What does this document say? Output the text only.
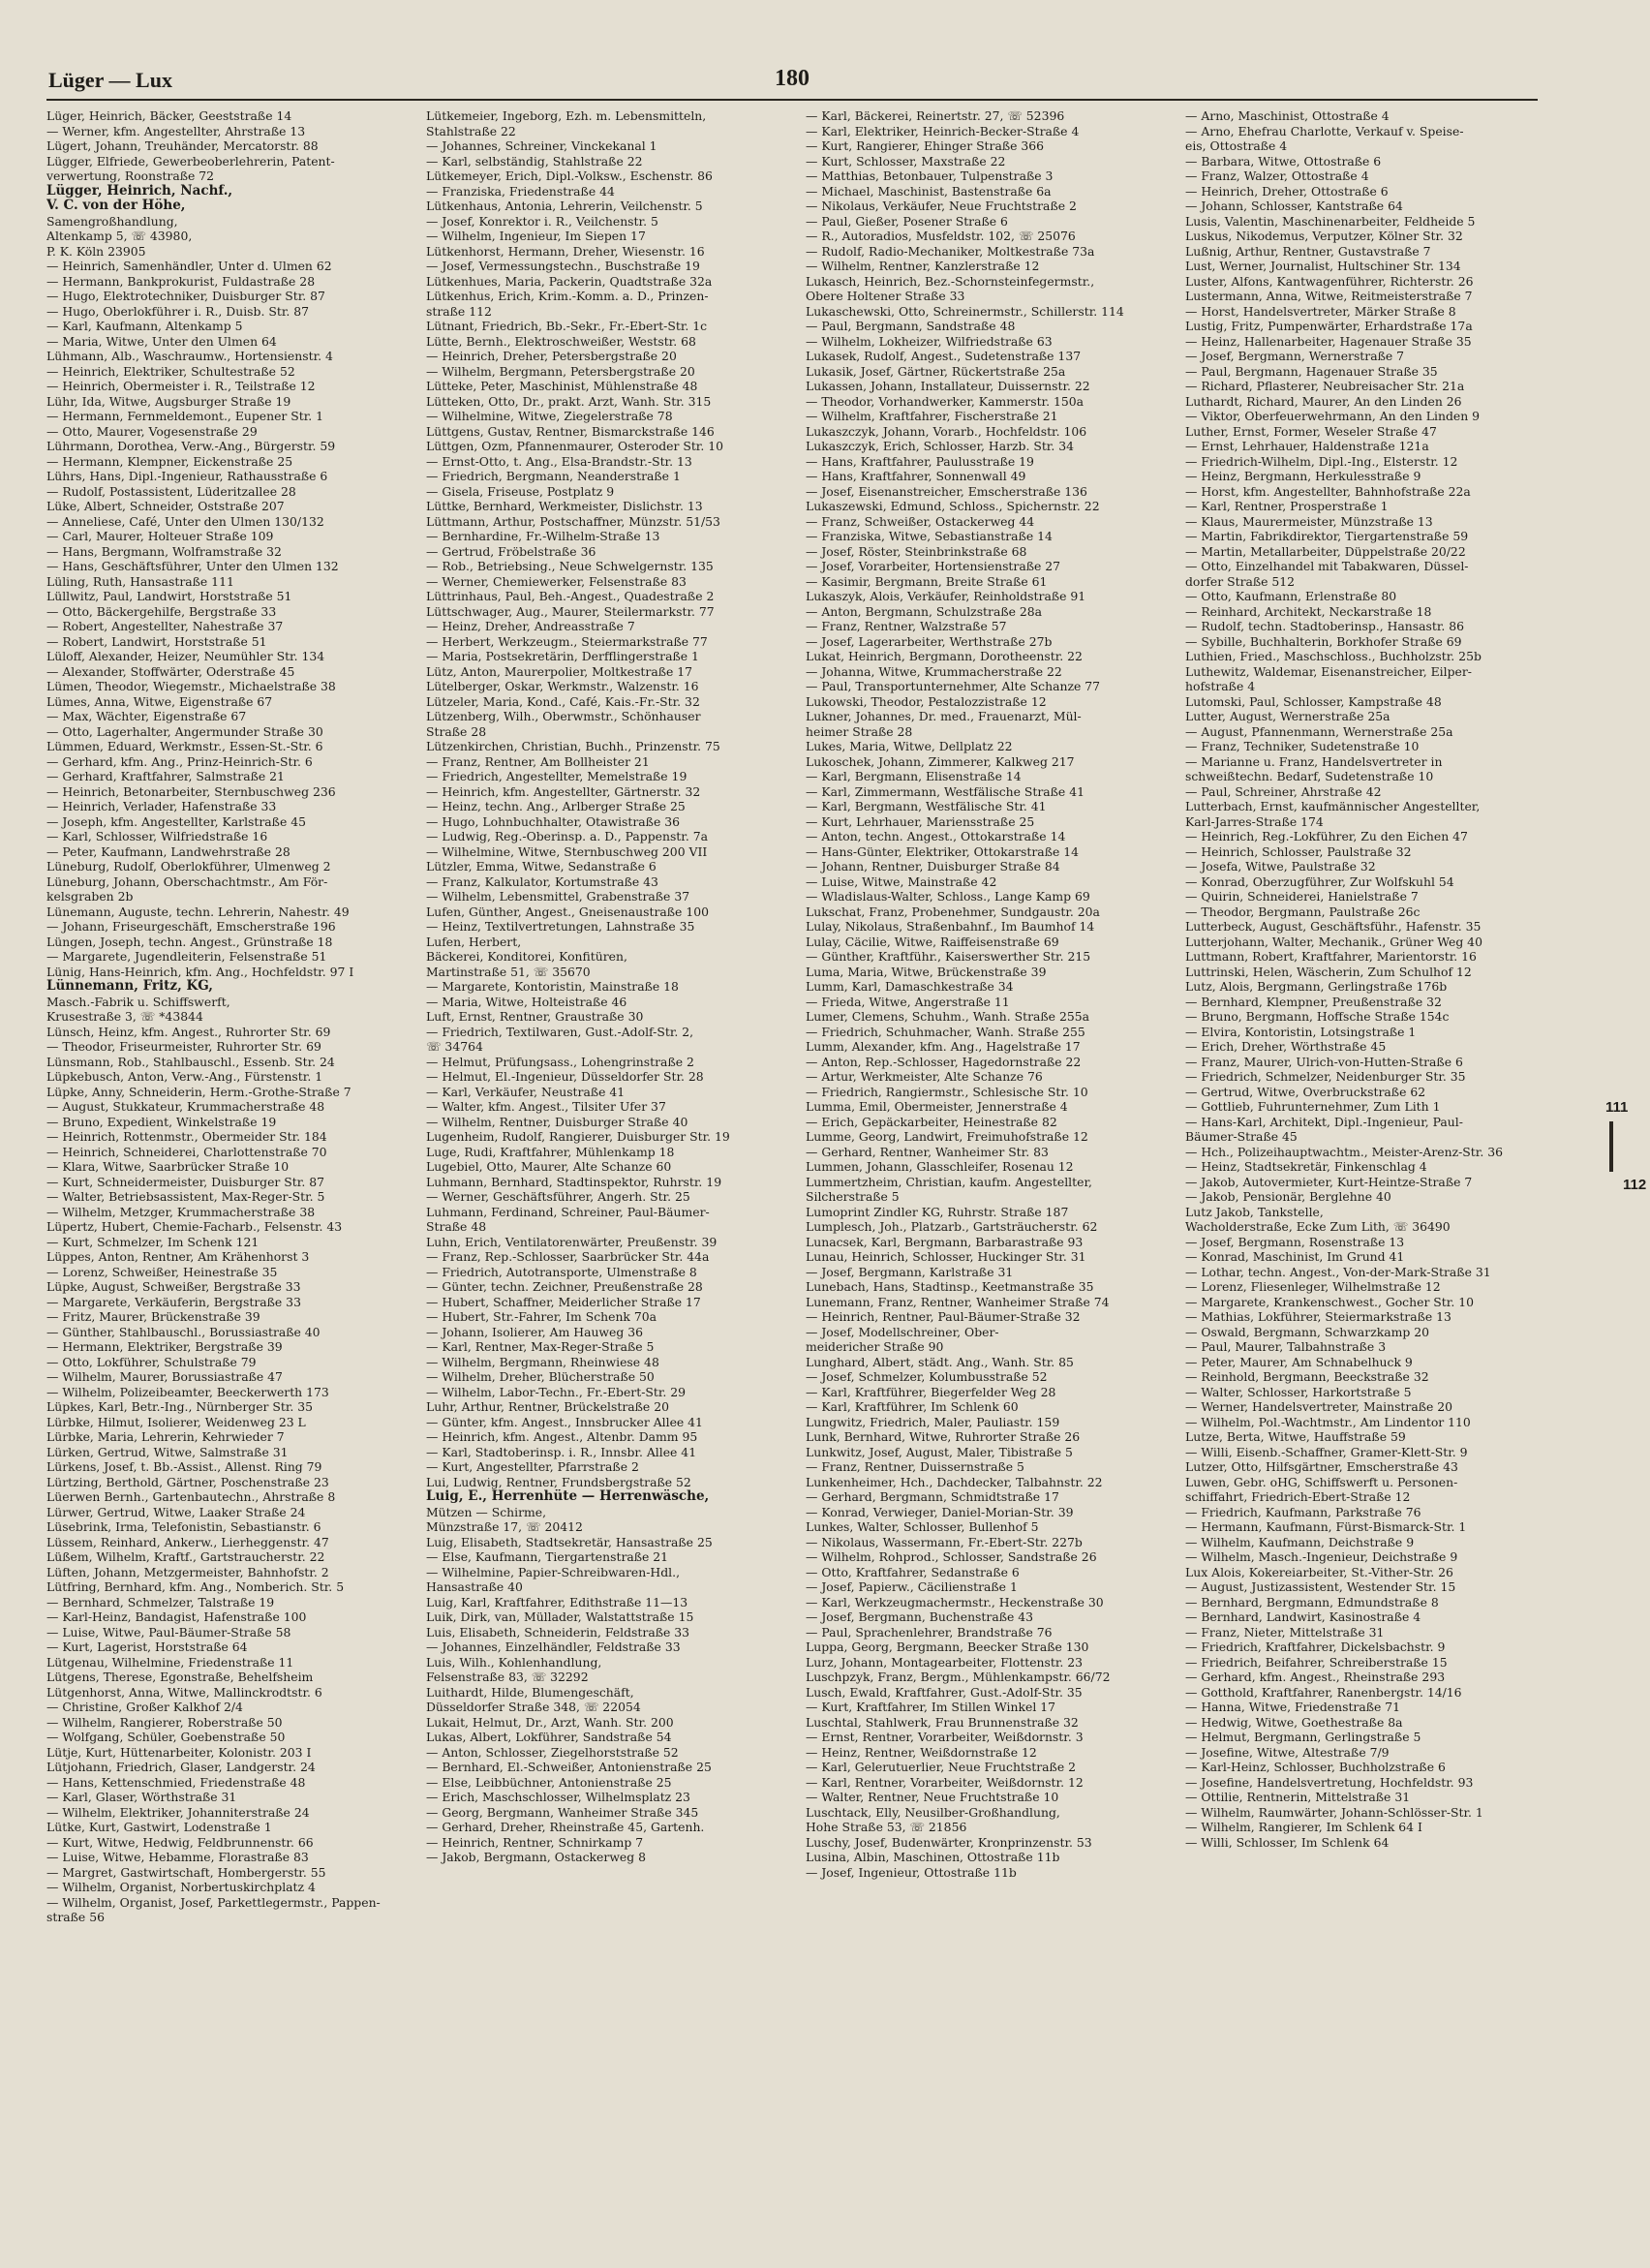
Lüger — Lux	180
Lüger, Heinrich, Bäcker, Geeststraße 14
— Werner, kfm. Angestellter, Ahrstraße 13
Lügert, Johann, Treuhänder, Mercatorstr. 88
Lügger, Elfriede, Gewerbeoberlehrerin, Patent-
verwertung, Roonstraße 72
Lügger, Heinrich, Nachf.,
V. C. von der Höhe,
Samengroßhandlung,
Altenkamp 5, ☏ 43980,
P. K. Köln 23905
— Heinrich, Samenhändler, Unter d. Ulmen 62
— Hermann, Bankprokurist, Fuldastraße 28
— Hugo, Elektrotechniker, Duisburger Str. 87
— Hugo, Oberlokführer i. R., Duisb. Str. 87
— Karl, Kaufmann, Altenkamp 5
— Maria, Witwe, Unter den Ulmen 64
Lühmann, Alb., Waschraumw., Hortensienstr. 4
— Heinrich, Elektriker, Schultestraße 52
— Heinrich, Obermeister i. R., Teilstraße 12
Lühr, Ida, Witwe, Augsburger Straße 19
— Hermann, Fernmeldemont., Eupener Str. 1
— Otto, Maurer, Vogesenstraße 29
Lührmann, Dorothea, Verw.-Ang., Bürgerstr. 59
— Hermann, Klempner, Eickenstraße 25
Lührs, Hans, Dipl.-Ingenieur, Rathausstraße 6
— Rudolf, Postassistent, Lüderitzallee 28
Lüke, Albert, Schneider, Oststraße 207
— Anneliese, Café, Unter den Ulmen 130/132
— Carl, Maurer, Holteuer Straße 109
— Hans, Bergmann, Wolframstraße 32
— Hans, Geschäftsführer, Unter den Ulmen 132
Lüling, Ruth, Hansastraße 111
Lüllwitz, Paul, Landwirt, Horststraße 51
— Otto, Bäckergehilfe, Bergstraße 33
— Robert, Angestellter, Nahestraße 37
— Robert, Landwirt, Horststraße 51
Lüloff, Alexander, Heizer, Neumühler Str. 134
— Alexander, Stoffwärter, Oderstraße 45
Lümen, Theodor, Wiegemstr., Michaelstraße 38
Lümes, Anna, Witwe, Eigenstraße 67
— Max, Wächter, Eigenstraße 67
— Otto, Lagerhalter, Angermunder Straße 30
Lümmen, Eduard, Werkmstr., Essen-St.-Str. 6
— Gerhard, kfm. Ang., Prinz-Heinrich-Str. 6
— Gerhard, Kraftfahrer, Salmstraße 21
— Heinrich, Betonarbeiter, Sternbuschweg 236
— Heinrich, Verlader, Hafenstraße 33
— Joseph, kfm. Angestellter, Karlstraße 45
— Karl, Schlosser, Wilfriedstraße 16
— Peter, Kaufmann, Landwehrstraße 28
Lüneburg, Rudolf, Oberlokführer, Ulmenweg 2
Lüneburg, Johann, Oberschachtmstr., Am För-
kelsgraben 2b
Lünemann, Auguste, techn. Lehrerin, Nahestr. 49
— Johann, Friseurgeschäft, Emscherstraße 196
Lüngen, Joseph, techn. Angest., Grünstraße 18
— Margarete, Jugendleiterin, Felsenstraße 51
Lünig, Hans-Heinrich, kfm. Ang., Hochfeldstr. 97 I
Lünnemann, Fritz, KG,
Masch.-Fabrik u. Schiffswerft,
Krusestraße 3, ☏ *43844
Lünsch, Heinz, kfm. Angest., Ruhrorter Str. 69
— Theodor, Friseurmeister, Ruhrorter Str. 69
Lünsmann, Rob., Stahlbauschl., Essenb. Str. 24
Lüpkebusch, Anton, Verw.-Ang., Fürstenstr. 1
Lüpke, Anny, Schneiderin, Herm.-Grothe-Straße 7
— August, Stukkateur, Krummacherstraße 48
— Bruno, Expedient, Winkelstraße 19
— Heinrich, Rottenmstr., Obermeider Str. 184
— Heinrich, Schneiderei, Charlottenstraße 70
— Klara, Witwe, Saarbrücker Straße 10
— Kurt, Schneidermeister, Duisburger Str. 87
— Walter, Betriebsassistent, Max-Reger-Str. 5
— Wilhelm, Metzger, Krummacherstraße 38
Lüpertz, Hubert, Chemie-Facharb., Felsenstr. 43
— Kurt, Schmelzer, Im Schenk 121
Lüppes, Anton, Rentner, Am Krähenhorst 3
— Lorenz, Schweißer, Heinestraße 35
Lüpke, August, Schweißer, Bergstraße 33
— Margarete, Verkäuferin, Bergstraße 33
— Fritz, Maurer, Brückenstraße 39
— Günther, Stahlbauschl., Borussiastraße 40
— Hermann, Elektriker, Bergstraße 39
— Otto, Lokführer, Schulstraße 79
— Wilhelm, Maurer, Borussiastraße 47
— Wilhelm, Polizeibeamter, Beeckerwerth 173
Lüpkes, Karl, Betr.-Ing., Nürnberger Str. 35
Lürbke, Hilmut, Isolierer, Weidenweg 23 L
Lürbke, Maria, Lehrerin, Kehrwieder 7
Lürken, Gertrud, Witwe, Salmstraße 31
Lürkens, Josef, t. Bb.-Assist., Allenst. Ring 79
Lürtzing, Berthold, Gärtner, Poschenstraße 23
Lüerwen Bernh., Gartenbautechn., Ahrstraße 8
Lürwer, Gertrud, Witwe, Laaker Straße 24
Lüsebrink, Irma, Telefonistin, Sebastianstr. 6
Lüssem, Reinhard, Ankerw., Lierheggenstr. 47
Lüßem, Wilhelm, Kraftf., Gartstraucherstr. 22
Lüften, Johann, Metzgermeister, Bahnhofstr. 2
Lütfring, Bernhard, kfm. Ang., Nomberich. Str. 5
— Bernhard, Schmelzer, Talstraße 19
— Karl-Heinz, Bandagist, Hafenstraße 100
— Luise, Witwe, Paul-Bäumer-Straße 58
— Kurt, Lagerist, Horststraße 64
Lütgenau, Wilhelmine, Friedenstraße 11
Lütgens, Therese, Egonstraße, Behelfsheim
Lütgenhorst, Anna, Witwe, Mallinckrodtstr. 6
— Christine, Großer Kalkhof 2/4
— Wilhelm, Rangierer, Roberstraße 50
— Wolfgang, Schüler, Goebenstraße 50
Lütje, Kurt, Hüttenarbeiter, Kolonistr. 203 I
Lütjohann, Friedrich, Glaser, Landgerstr. 24
— Hans, Kettenschmied, Friedenstraße 48
— Karl, Glaser, Wörthstraße 31
— Wilhelm, Elektriker, Johanniterstraße 24
Lütke, Kurt, Gastwirt, Lodenstraße 1
— Kurt, Witwe, Hedwig, Feldbrunnenstr. 66
— Luise, Witwe, Hebamme, Florastraße 83
— Margret, Gastwirtschaft, Hombergerstr. 55
— Wilhelm, Organist, Norbertuskirchplatz 4
— Wilhelm, Organist, Josef, Parkettlegermstr., Pappen-
straße 56
Lütkemeier, Ingeborg, Ezh. m. Lebensmitteln,
Stahlstraße 22
— Johannes, Schreiner, Vinckekanal 1
— Karl, selbständig, Stahlstraße 22
Lütkemeyer, Erich, Dipl.-Volksw., Eschenstr. 86
— Franziska, Friedenstraße 44
Lütkenhaus, Antonia, Lehrerin, Veilchenstr. 5
— Josef, Konrektor i. R., Veilchenstr. 5
— Wilhelm, Ingenieur, Im Siepen 17
Lütkenhorst, Hermann, Dreher, Wiesenstr. 16
— Josef, Vermessungstechn., Buschstraße 19
Lütkenhues, Maria, Packerin, Quadtstraße 32a
Lütkenhus, Erich, Krim.-Komm. a. D., Prinzen-
straße 112
Lütnant, Friedrich, Bb.-Sekr., Fr.-Ebert-Str. 1c
Lütte, Bernh., Elektroschweißer, Weststr. 68
— Heinrich, Dreher, Petersbergstraße 20
— Wilhelm, Bergmann, Petersbergstraße 20
Lütteke, Peter, Maschinist, Mühlenstraße 48
Lütteken, Otto, Dr., prakt. Arzt, Wanh. Str. 315
— Wilhelmine, Witwe, Ziegelerstraße 78
Lüttgens, Gustav, Rentner, Bismarckstraße 146
Lüttgen, Ozm, Pfannenmaurer, Osteroder Str. 10
— Ernst-Otto, t. Ang., Elsa-Brandstr.-Str. 13
— Friedrich, Bergmann, Neanderstraße 1
— Gisela, Friseuse, Postplatz 9
Lüttke, Bernhard, Werkmeister, Dislichstr. 13
Lüttmann, Arthur, Postschaffner, Münzstr. 51/53
— Bernhardine, Fr.-Wilhelm-Straße 13
— Gertrud, Fröbelstraße 36
— Rob., Betriebsing., Neue Schwelgernstr. 135
— Werner, Chemiewerker, Felsenstraße 83
Lüttrinhaus, Paul, Beh.-Angest., Quadestraße 2
Lüttschwager, Aug., Maurer, Steilermarkstr. 77
— Heinz, Dreher, Andreasstraße 7
— Herbert, Werkzeugm., Steiermarkstraße 77
— Maria, Postsekretärin, Derfflingerstraße 1
Lütz, Anton, Maurerpolier, Moltkestraße 17
Lütelberger, Oskar, Werkmstr., Walzenstr. 16
Lützeler, Maria, Kond., Café, Kais.-Fr.-Str. 32
Lützenberg, Wilh., Oberwmstr., Schönhauser
Straße 28
Lützenkirchen, Christian, Buchh., Prinzenstr. 75
— Franz, Rentner, Am Bollheister 21
— Friedrich, Angestellter, Memelstraße 19
— Heinrich, kfm. Angestellter, Gärtnerstr. 32
— Heinz, techn. Ang., Arlberger Straße 25
— Hugo, Lohnbuchhalter, Otawistraße 36
— Ludwig, Reg.-Oberinsp. a. D., Pappenstr. 7a
— Wilhelmine, Witwe, Sternbuschweg 200 VII
Lützler, Emma, Witwe, Sedanstraße 6
— Franz, Kalkulator, Kortumstraße 43
— Wilhelm, Lebensmittel, Grabenstraße 37
Lufen, Günther, Angest., Gneisenaustraße 100
— Heinz, Textilvertretungen, Lahnstraße 35
Lufen, Herbert,
Bäckerei, Konditorei, Konfitüren,
Martinstraße 51, ☏ 35670
— Margarete, Kontoristin, Mainstraße 18
— Maria, Witwe, Holteistraße 46
Luft, Ernst, Rentner, Graustraße 30
— Friedrich, Textilwaren, Gust.-Adolf-Str. 2,
☏ 34764
— Helmut, Prüfungsass., Lohengrinstraße 2
— Helmut, El.-Ingenieur, Düsseldorfer Str. 28
— Karl, Verkäufer, Neustraße 41
— Walter, kfm. Angest., Tilsiter Ufer 37
— Wilhelm, Rentner, Duisburger Straße 40
Lugenheim, Rudolf, Rangierer, Duisburger Str. 19
Luge, Rudi, Kraftfahrer, Mühlenkamp 18
Lugebiel, Otto, Maurer, Alte Schanze 60
Luhmann, Bernhard, Stadtinspektor, Ruhrstr. 19
— Werner, Geschäftsführer, Angerh. Str. 25
Luhmann, Ferdinand, Schreiner, Paul-Bäumer-
Straße 48
Luhn, Erich, Ventilatorenwärter, Preußenstr. 39
— Franz, Rep.-Schlosser, Saarbrücker Str. 44a
— Friedrich, Autotransporte, Ulmenstraße 8
— Günter, techn. Zeichner, Preußenstraße 28
— Hubert, Schaffner, Meiderlicher Straße 17
— Hubert, Str.-Fahrer, Im Schenk 70a
— Johann, Isolierer, Am Hauweg 36
— Karl, Rentner, Max-Reger-Straße 5
— Wilhelm, Bergmann, Rheinwiese 48
— Wilhelm, Dreher, Blücherstraße 50
— Wilhelm, Labor-Techn., Fr.-Ebert-Str. 29
Luhr, Arthur, Rentner, Brückelstraße 20
— Günter, kfm. Angest., Innsbrucker Allee 41
— Heinrich, kfm. Angest., Altenbr. Damm 95
— Karl, Stadtoberinsp. i. R., Innsbr. Allee 41
— Kurt, Angestellter, Pfarrstraße 2
Lui, Ludwig, Rentner, Frundsbergstraße 52
Luig, E., Herrenhüte — Herrenwäsche,
Mützen — Schirme,
Münzstraße 17, ☏ 20412
Luig, Elisabeth, Stadtsekretär, Hansastraße 25
— Else, Kaufmann, Tiergartenstraße 21
— Wilhelmine, Papier-Schreibwaren-Hdl.,
Hansastraße 40
Luig, Karl, Kraftfahrer, Edithstraße 11—13
Luik, Dirk, van, Müllader, Walstattstraße 15
Luis, Elisabeth, Schneiderin, Feldstraße 33
— Johannes, Einzelhändler, Feldstraße 33
Luis, Wilh., Kohlenhandlung,
Felsenstraße 83, ☏ 32292
Luithardt, Hilde, Blumengeschäft,
Düsseldorfer Straße 348, ☏ 22054
Lukait, Helmut, Dr., Arzt, Wanh. Str. 200
Lukas, Albert, Lokführer, Sandstraße 54
— Anton, Schlosser, Ziegelhorststraße 52
— Bernhard, El.-Schweißer, Antonienstraße 25
— Else, Leibbüchner, Antonienstraße 25
— Erich, Maschschlosser, Wilhelmsplatz 23
— Georg, Bergmann, Wanheimer Straße 345
— Gerhard, Dreher, Rheinstraße 45, Gartenh.
— Heinrich, Rentner, Schnirkamp 7
— Jakob, Bergmann, Ostackerweg 8
— Karl, Bäckerei, Reinertstr. 27, ☏ 52396
— Karl, Elektriker, Heinrich-Becker-Straße 4
— Kurt, Rangierer, Ehinger Straße 366
— Kurt, Schlosser, Maxstraße 22
— Matthias, Betonbauer, Tulpenstraße 3
— Michael, Maschinist, Bastenstraße 6a
— Nikolaus, Verkäufer, Neue Fruchtstraße 2
— Paul, Gießer, Posener Straße 6
— R., Autoradios, Musfeldstr. 102, ☏ 25076
— Rudolf, Radio-Mechaniker, Moltkestraße 73a
— Wilhelm, Rentner, Kanzlerstraße 12
Lukasch, Heinrich, Bez.-Schornsteinfegermstr.,
Obere Holtener Straße 33
Lukaschewski, Otto, Schreinermstr., Schillerstr. 114
— Paul, Bergmann, Sandstraße 48
— Wilhelm, Lokheizer, Wilfriedstraße 63
Lukasek, Rudolf, Angest., Sudetenstraße 137
Lukasik, Josef, Gärtner, Rückertstraße 25a
Lukassen, Johann, Installateur, Duissernstr. 22
— Theodor, Vorhandwerker, Kammerstr. 150a
— Wilhelm, Kraftfahrer, Fischerstraße 21
Lukaszczyk, Johann, Vorarb., Hochfeldstr. 106
Lukaszczyk, Erich, Schlosser, Harzb. Str. 34
— Hans, Kraftfahrer, Paulusstraße 19
— Hans, Kraftfahrer, Sonnenwall 49
— Josef, Eisenanstreicher, Emscherstraße 136
Lukaszewski, Edmund, Schloss., Spichernstr. 22
— Franz, Schweißer, Ostackerweg 44
— Franziska, Witwe, Sebastianstraße 14
— Josef, Röster, Steinbrinkstraße 68
— Josef, Vorarbeiter, Hortensienstraße 27
— Kasimir, Bergmann, Breite Straße 61
Lukaszyk, Alois, Verkäufer, Reinholdstraße 91
— Anton, Bergmann, Schulzstraße 28a
— Franz, Rentner, Walzstraße 57
— Josef, Lagerarbeiter, Werthstraße 27b
Lukat, Heinrich, Bergmann, Dorotheenstr. 22
— Johanna, Witwe, Krummacherstraße 22
— Paul, Transportunternehmer, Alte Schanze 77
Lukowski, Theodor, Pestalozzistraße 12
Lukner, Johannes, Dr. med., Frauenarzt, Mül-
heimer Straße 28
Lukes, Maria, Witwe, Dellplatz 22
Lukoschek, Johann, Zimmerer, Kalkweg 217
— Karl, Bergmann, Elisenstraße 14
— Karl, Zimmermann, Westfälische Straße 41
— Karl, Bergmann, Westfälische Str. 41
— Kurt, Lehrhauer, Mariensstraße 25
— Anton, techn. Angest., Ottokarstraße 14
— Hans-Günter, Elektriker, Ottokarstraße 14
— Johann, Rentner, Duisburger Straße 84
— Luise, Witwe, Mainstraße 42
— Wladislaus-Walter, Schloss., Lange Kamp 69
Lukschat, Franz, Probenehmer, Sundgaustr. 20a
Lulay, Nikolaus, Straßenbahnf., Im Baumhof 14
Lulay, Cäcilie, Witwe, Raiffeisenstraße 69
— Günther, Kraftführ., Kaiserswerther Str. 215
Luma, Maria, Witwe, Brückenstraße 39
Lumm, Karl, Damaschkestraße 34
— Frieda, Witwe, Angerstraße 11
Lumer, Clemens, Schuhm., Wanh. Straße 255a
— Friedrich, Schuhmacher, Wanh. Straße 255
Lumm, Alexander, kfm. Ang., Hagelstraße 17
— Anton, Rep.-Schlosser, Hagedornstraße 22
— Artur, Werkmeister, Alte Schanze 76
— Friedrich, Rangiermstr., Schlesische Str. 10
Lumma, Emil, Obermeister, Jennerstraße 4
— Erich, Gepäckarbeiter, Heinestraße 82
Lumme, Georg, Landwirt, Freimuhofstraße 12
— Gerhard, Rentner, Wanheimer Str. 83
Lummen, Johann, Glasschleifer, Rosenau 12
Lummertzheim, Christian, kaufm. Angestellter,
Silcherstraße 5
Lumoprint Zindler KG, Ruhrstr. Straße 187
Lumplesch, Joh., Platzarb., Gartsträucherstr. 62
Lunacsek, Karl, Bergmann, Barbarastraße 93
Lunau, Heinrich, Schlosser, Huckinger Str. 31
— Josef, Bergmann, Karlstraße 31
Lunebach, Hans, Stadtinsp., Keetmanstraße 35
Lunemann, Franz, Rentner, Wanheimer Straße 74
— Heinrich, Rentner, Paul-Bäumer-Straße 32
— Josef, Modellschreiner, Ober-
meidericher Straße 90
Lunghard, Albert, städt. Ang., Wanh. Str. 85
— Josef, Schmelzer, Kolumbusstraße 52
— Karl, Kraftführer, Biegerfelder Weg 28
— Karl, Kraftführer, Im Schlenk 60
Lungwitz, Friedrich, Maler, Pauliastr. 159
Lunk, Bernhard, Witwe, Ruhrorter Straße 26
Lunkwitz, Josef, August, Maler, Tibistraße 5
— Franz, Rentner, Duissernstraße 5
Lunkenheimer, Hch., Dachdecker, Talbahnstr. 22
— Gerhard, Bergmann, Schmidtstraße 17
— Konrad, Verwieger, Daniel-Morian-Str. 39
Lunkes, Walter, Schlosser, Bullenhof 5
— Nikolaus, Wassermann, Fr.-Ebert-Str. 227b
— Wilhelm, Rohprod., Schlosser, Sandstraße 26
— Otto, Kraftfahrer, Sedanstraße 6
— Josef, Papierw., Cäcilienstraße 1
— Karl, Werkzeugmachermstr., Heckenstraße 30
— Josef, Bergmann, Buchenstraße 43
— Paul, Sprachenlehrer, Brandstraße 76
Luppa, Georg, Bergmann, Beecker Straße 130
Lurz, Johann, Montagearbeiter, Flottenstr. 23
Luschpzyk, Franz, Bergm., Mühlenkampstr. 66/72
Lusch, Ewald, Kraftfahrer, Gust.-Adolf-Str. 35
— Kurt, Kraftfahrer, Im Stillen Winkel 17
Luschtal, Stahlwerk, Frau Brunnenstraße 32
— Ernst, Rentner, Vorarbeiter, Weißdornstr. 3
— Heinz, Rentner, Weißdornstraße 12
— Karl, Gelerutuerlier, Neue Fruchtstraße 2
— Karl, Rentner, Vorarbeiter, Weißdornstr. 12
— Walter, Rentner, Neue Fruchtstraße 10
Luschtack, Elly, Neusilber-Großhandlung,
Hohe Straße 53, ☏ 21856
Luschy, Josef, Budenwärter, Kronprinzenstr. 53
Lusina, Albin, Maschinen, Ottostraße 11b
— Josef, Ingenieur, Ottostraße 11b
— Arno, Maschinist, Ottostraße 4
— Arno, Ehefrau Charlotte, Verkauf v. Speise-
eis, Ottostraße 4
— Barbara, Witwe, Ottostraße 6
— Franz, Walzer, Ottostraße 4
— Heinrich, Dreher, Ottostraße 6
— Johann, Schlosser, Kantstraße 64
Lusis, Valentin, Maschinenarbeiter, Feldheide 5
Luskus, Nikodemus, Verputzer, Kölner Str. 32
Lußnig, Arthur, Rentner, Gustavstraße 7
Lust, Werner, Journalist, Hultschiner Str. 134
Luster, Alfons, Kantwagenführer, Richterstr. 26
Lustermann, Anna, Witwe, Reitmeisterstraße 7
— Horst, Handelsvertreter, Märker Straße 8
Lustig, Fritz, Pumpenwärter, Erhardstraße 17a
— Heinz, Hallenarbeiter, Hagenauer Straße 35
— Josef, Bergmann, Wernerstraße 7
— Paul, Bergmann, Hagenauer Straße 35
— Richard, Pflasterer, Neubreisacher Str. 21a
Luthardt, Richard, Maurer, An den Linden 26
— Viktor, Oberfeuerwehrmann, An den Linden 9
Luther, Ernst, Former, Weseler Straße 47
— Ernst, Lehrhauer, Haldenstraße 121a
— Friedrich-Wilhelm, Dipl.-Ing., Elsterstr. 12
— Heinz, Bergmann, Herkulesstraße 9
— Horst, kfm. Angestellter, Bahnhofstraße 22a
— Karl, Rentner, Prosperstraße 1
— Klaus, Maurermeister, Münzstraße 13
— Martin, Fabrikdirektor, Tiergartenstraße 59
— Martin, Metallarbeiter, Düppelstraße 20/22
— Otto, Einzelhandel mit Tabakwaren, Düssel-
dorfer Straße 512
— Otto, Kaufmann, Erlenstraße 80
— Reinhard, Architekt, Neckarstraße 18
— Rudolf, techn. Stadtoberinsp., Hansastr. 86
— Sybille, Buchhalterin, Borkhofer Straße 69
Luthien, Fried., Maschschloss., Buchholzstr. 25b
Luthewitz, Waldemar, Eisenanstreicher, Eilper-
hofstraße 4
Lutomski, Paul, Schlosser, Kampstraße 48
Lutter, August, Wernerstraße 25a
— August, Pfannenmann, Wernerstraße 25a
— Franz, Techniker, Sudetenstraße 10
— Marianne u. Franz, Handelsvertreter in
schweißtechn. Bedarf, Sudetenstraße 10
— Paul, Schreiner, Ahrstraße 42
Lutterbach, Ernst, kaufmännischer Angestellter,
Karl-Jarres-Straße 174
— Heinrich, Reg.-Lokführer, Zu den Eichen 47
— Heinrich, Schlosser, Paulstraße 32
— Josefa, Witwe, Paulstraße 32
— Konrad, Oberzugführer, Zur Wolfskuhl 54
— Quirin, Schneiderei, Hanielstraße 7
— Theodor, Bergmann, Paulstraße 26c
Lutterbeck, August, Geschäftsführ., Hafenstr. 35
Lutterjohann, Walter, Mechanik., Grüner Weg 40
Luttmann, Robert, Kraftfahrer, Marientorstr. 16
Luttrinski, Helen, Wäscherin, Zum Schulhof 12
Lutz, Alois, Bergmann, Gerlingstraße 176b
— Bernhard, Klempner, Preußenstraße 32
— Bruno, Bergmann, Hoffsche Straße 154c
— Elvira, Kontoristin, Lotsingstraße 1
— Erich, Dreher, Wörthstraße 45
— Franz, Maurer, Ulrich-von-Hutten-Straße 6
— Friedrich, Schmelzer, Neidenburger Str. 35
— Gertrud, Witwe, Overbruckstraße 62
— Gottlieb, Fuhrunternehmer, Zum Lith 1
— Hans-Karl, Architekt, Dipl.-Ingenieur, Paul-
Bäumer-Straße 45
— Hch., Polizeihauptwachtm., Meister-Arenz-Str. 36
— Heinz, Stadtsekretär, Finkenschlag 4
— Jakob, Autovermieter, Kurt-Heintze-Straße 7
— Jakob, Pensionär, Berglehne 40
Lutz Jakob, Tankstelle,
Wacholderstraße, Ecke Zum Lith, ☏ 36490
— Josef, Bergmann, Rosenstraße 13
— Konrad, Maschinist, Im Grund 41
— Lothar, techn. Angest., Von-der-Mark-Straße 31
— Lorenz, Fliesenleger, Wilhelmstraße 12
— Margarete, Krankenschwest., Gocher Str. 10
— Mathias, Lokführer, Steiermarkstraße 13
— Oswald, Bergmann, Schwarzkamp 20
— Paul, Maurer, Talbahnstraße 3
— Peter, Maurer, Am Schnabelhuck 9
— Reinhold, Bergmann, Beeckstraße 32
— Walter, Schlosser, Harkortstraße 5
— Werner, Handelsvertreter, Mainstraße 20
— Wilhelm, Pol.-Wachtmstr., Am Lindentor 110
Lutze, Berta, Witwe, Hauffstraße 59
— Willi, Eisenb.-Schaffner, Gramer-Klett-Str. 9
Lutzer, Otto, Hilfsgärtner, Emscherstraße 43
Luwen, Gebr. oHG, Schiffswerft u. Personen-
schiffahrt, Friedrich-Ebert-Straße 12
— Friedrich, Kaufmann, Parkstraße 76
— Hermann, Kaufmann, Fürst-Bismarck-Str. 1
— Wilhelm, Kaufmann, Deichstraße 9
— Wilhelm, Masch.-Ingenieur, Deichstraße 9
Lux Alois, Kokereiarbeiter, St.-Vither-Str. 26
— August, Justizassistent, Westender Str. 15
— Bernhard, Bergmann, Edmundstraße 8
— Bernhard, Landwirt, Kasinostraße 4
— Franz, Nieter, Mittelstraße 31
— Friedrich, Kraftfahrer, Dickelsbachstr. 9
— Friedrich, Beifahrer, Schreiberstraße 15
— Gerhard, kfm. Angest., Rheinstraße 293
— Gotthold, Kraftfahrer, Ranenbergstr. 14/16
— Hanna, Witwe, Friedenstraße 71
— Hedwig, Witwe, Goethestraße 8a
— Helmut, Bergmann, Gerlingstraße 5
— Josefine, Witwe, Altestraße 7/9
— Karl-Heinz, Schlosser, Buchholzstraße 6
— Josefine, Handelsvertretung, Hochfeldstr. 93
— Ottilie, Rentnerin, Mittelstraße 31
— Wilhelm, Raumwärter, Johann-Schlösser-Str. 1
— Wilhelm, Rangierer, Im Schlenk 64 I
— Willi, Schlosser, Im Schlenk 64
111
112
